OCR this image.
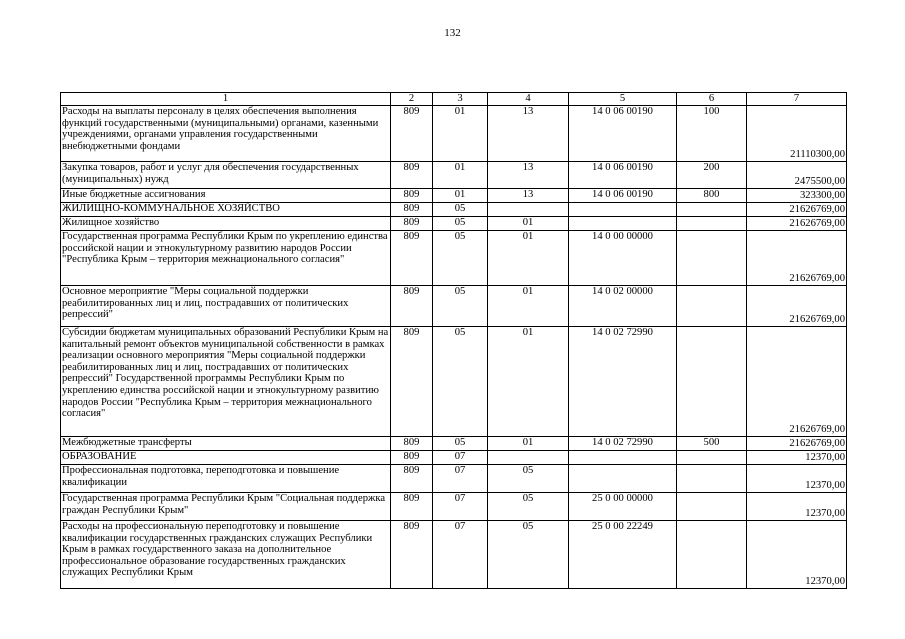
132
1	2	3	4	5	6	7
Расходы на выплаты персоналу в целях обеспечения выполнения функций государственными (муниципальными) органами, казенными учреждениями, органами управления государственными внебюджетными фондами	809	01	13	14 0 06 00190	100	21110300,00
Закупка товаров, работ и услуг для обеспечения государственных (муниципальных) нужд	809	01	13	14 0 06 00190	200	2475500,00
Иные бюджетные ассигнования	809	01	13	14 0 06 00190	800	323300,00
ЖИЛИЩНО-КОММУНАЛЬНОЕ ХОЗЯЙСТВО	809	05				21626769,00
Жилищное хозяйство	809	05	01			21626769,00
Государственная программа Республики Крым по укреплению единства российской нации и этнокультурному развитию народов России "Республика Крым – территория межнационального согласия"	809	05	01	14 0 00 00000		21626769,00
Основное мероприятие "Меры социальной поддержки реабилитированных лиц и лиц, пострадавших от политических репрессий"	809	05	01	14 0 02 00000		21626769,00
Субсидии бюджетам муниципальных образований Республики Крым на капитальный ремонт объектов муниципальной собственности в рамках реализации основного мероприятия "Меры социальной поддержки реабилитированных лиц и лиц, пострадавших от политических репрессий" Государственной программы Республики Крым по укреплению единства российской нации и этнокультурному развитию народов России "Республика Крым – территория межнационального согласия"	809	05	01	14 0 02 72990		21626769,00
Межбюджетные трансферты	809	05	01	14 0 02 72990	500	21626769,00
ОБРАЗОВАНИЕ	809	07				12370,00
Профессиональная подготовка, переподготовка и повышение квалификации	809	07	05			12370,00
Государственная программа Республики Крым "Социальная поддержка граждан Республики Крым"	809	07	05	25 0 00 00000		12370,00
Расходы на профессиональную переподготовку и повышение квалификации государственных гражданских служащих Республики Крым в рамках государственного заказа на дополнительное профессиональное образование государственных гражданских служащих Республики Крым	809	07	05	25 0 00 22249		12370,00
